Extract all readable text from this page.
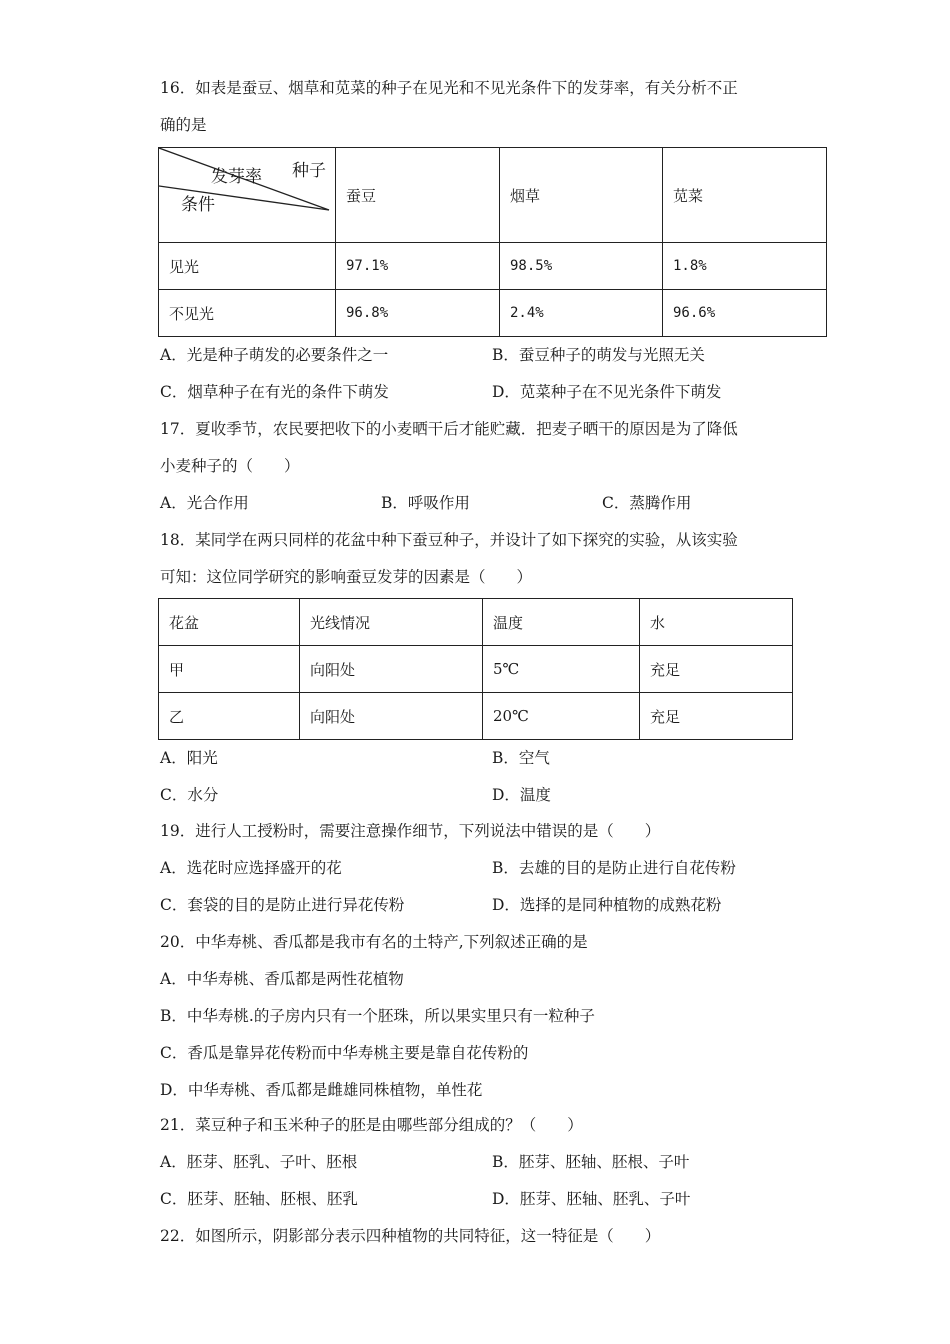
16．如表是蚕豆、烟草和苋菜的种子在见光和不见光条件下的发芽率，有关分析不正
确的是
种子
发芽率
条件	蚕豆	烟草	苋菜
见光	97.1%	98.5%	1.8%
不见光	96.8%	2.4%	96.6%
A．光是种子萌发的必要条件之一	B．蚕豆种子的萌发与光照无关
C．烟草种子在有光的条件下萌发	D．苋菜种子在不见光条件下萌发
17．夏收季节，农民要把收下的小麦晒干后才能贮藏．把麦子晒干的原因是为了降低
小麦种子的（　　）
A．光合作用	B．呼吸作用	C．蒸腾作用
18．某同学在两只同样的花盆中种下蚕豆种子，并设计了如下探究的实验，从该实验
可知：这位同学研究的影响蚕豆发芽的因素是（　　）
花盆	光线情况	温度	水
甲	向阳处	5℃	充足
乙	向阳处	20℃	充足
A．阳光	B．空气
C．水分	D．温度
19．进行人工授粉时，需要注意操作细节，下列说法中错误的是（　　）
A．选花时应选择盛开的花	B．去雄的目的是防止进行自花传粉
C．套袋的目的是防止进行异花传粉	D．选择的是同种植物的成熟花粉
20．中华寿桃、香瓜都是我市有名的土特产,下列叙述正确的是
A．中华寿桃、香瓜都是两性花植物
B．中华寿桃.的子房内只有一个胚珠，所以果实里只有一粒种子
C．香瓜是靠异花传粉而中华寿桃主要是靠自花传粉的
D．中华寿桃、香瓜都是雌雄同株植物，单性花
21．菜豆种子和玉米种子的胚是由哪些部分组成的？（　　）
A．胚芽、胚乳、子叶、胚根	B．胚芽、胚轴、胚根、子叶
C．胚芽、胚轴、胚根、胚乳	D．胚芽、胚轴、胚乳、子叶
22．如图所示，阴影部分表示四种植物的共同特征，这一特征是（　　）
